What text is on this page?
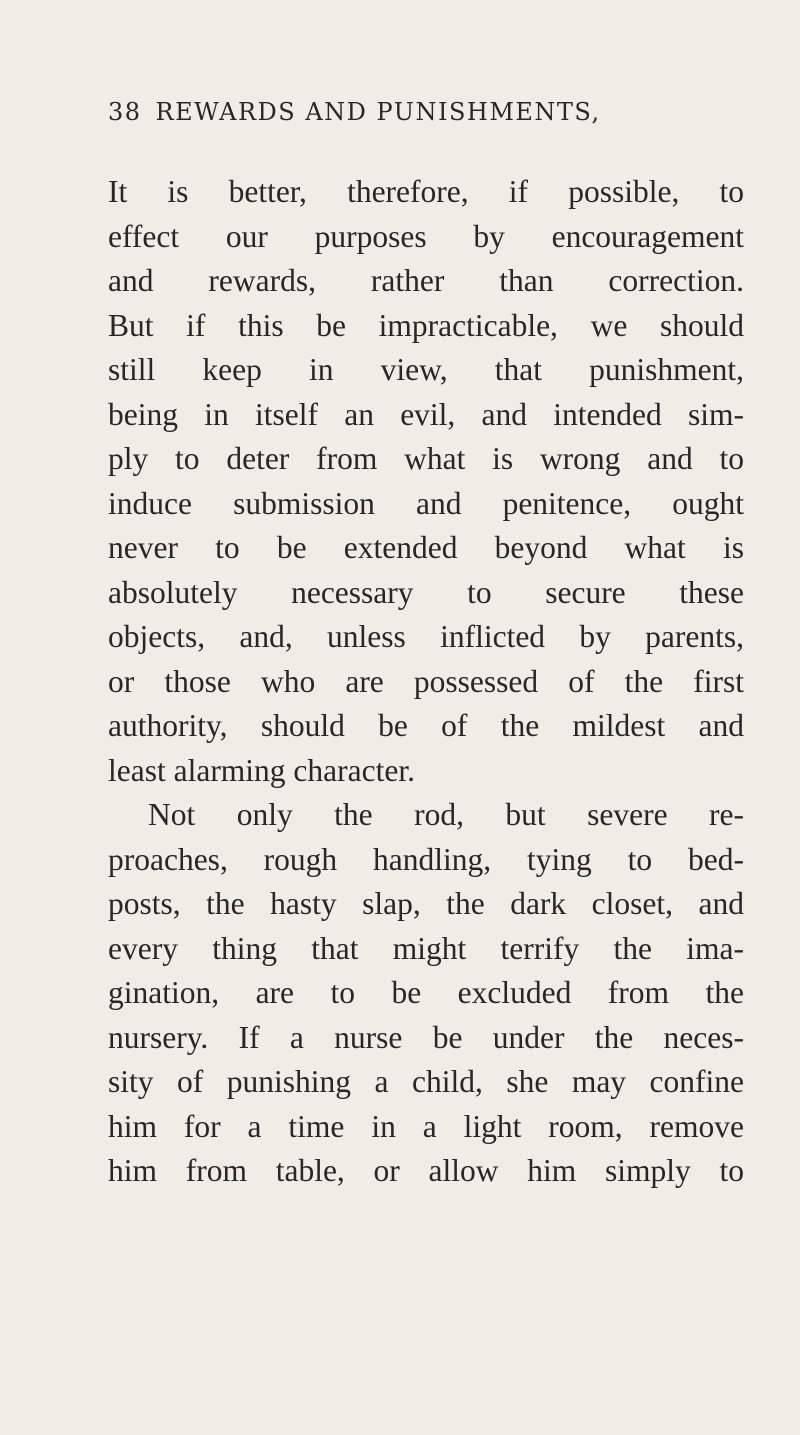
38 REWARDS AND PUNISHMENTS,
It is better, therefore, if possible, to
effect our purposes by encouragement
and rewards, rather than correction.
But if this be impracticable, we should
still keep in view, that punishment,
being in itself an evil, and intended sim-
ply to deter from what is wrong and to
induce submission and penitence, ought
never to be extended beyond what is
absolutely necessary to secure these
objects, and, unless inflicted by parents,
or those who are possessed of the first
authority, should be of the mildest and
least alarming character.
Not only the rod, but severe re-
proaches, rough handling, tying to bed-
posts, the hasty slap, the dark closet, and
every thing that might terrify the ima-
gination, are to be excluded from the
nursery. If a nurse be under the neces-
sity of punishing a child, she may confine
him for a time in a light room, remove
him from table, or allow him simply to
